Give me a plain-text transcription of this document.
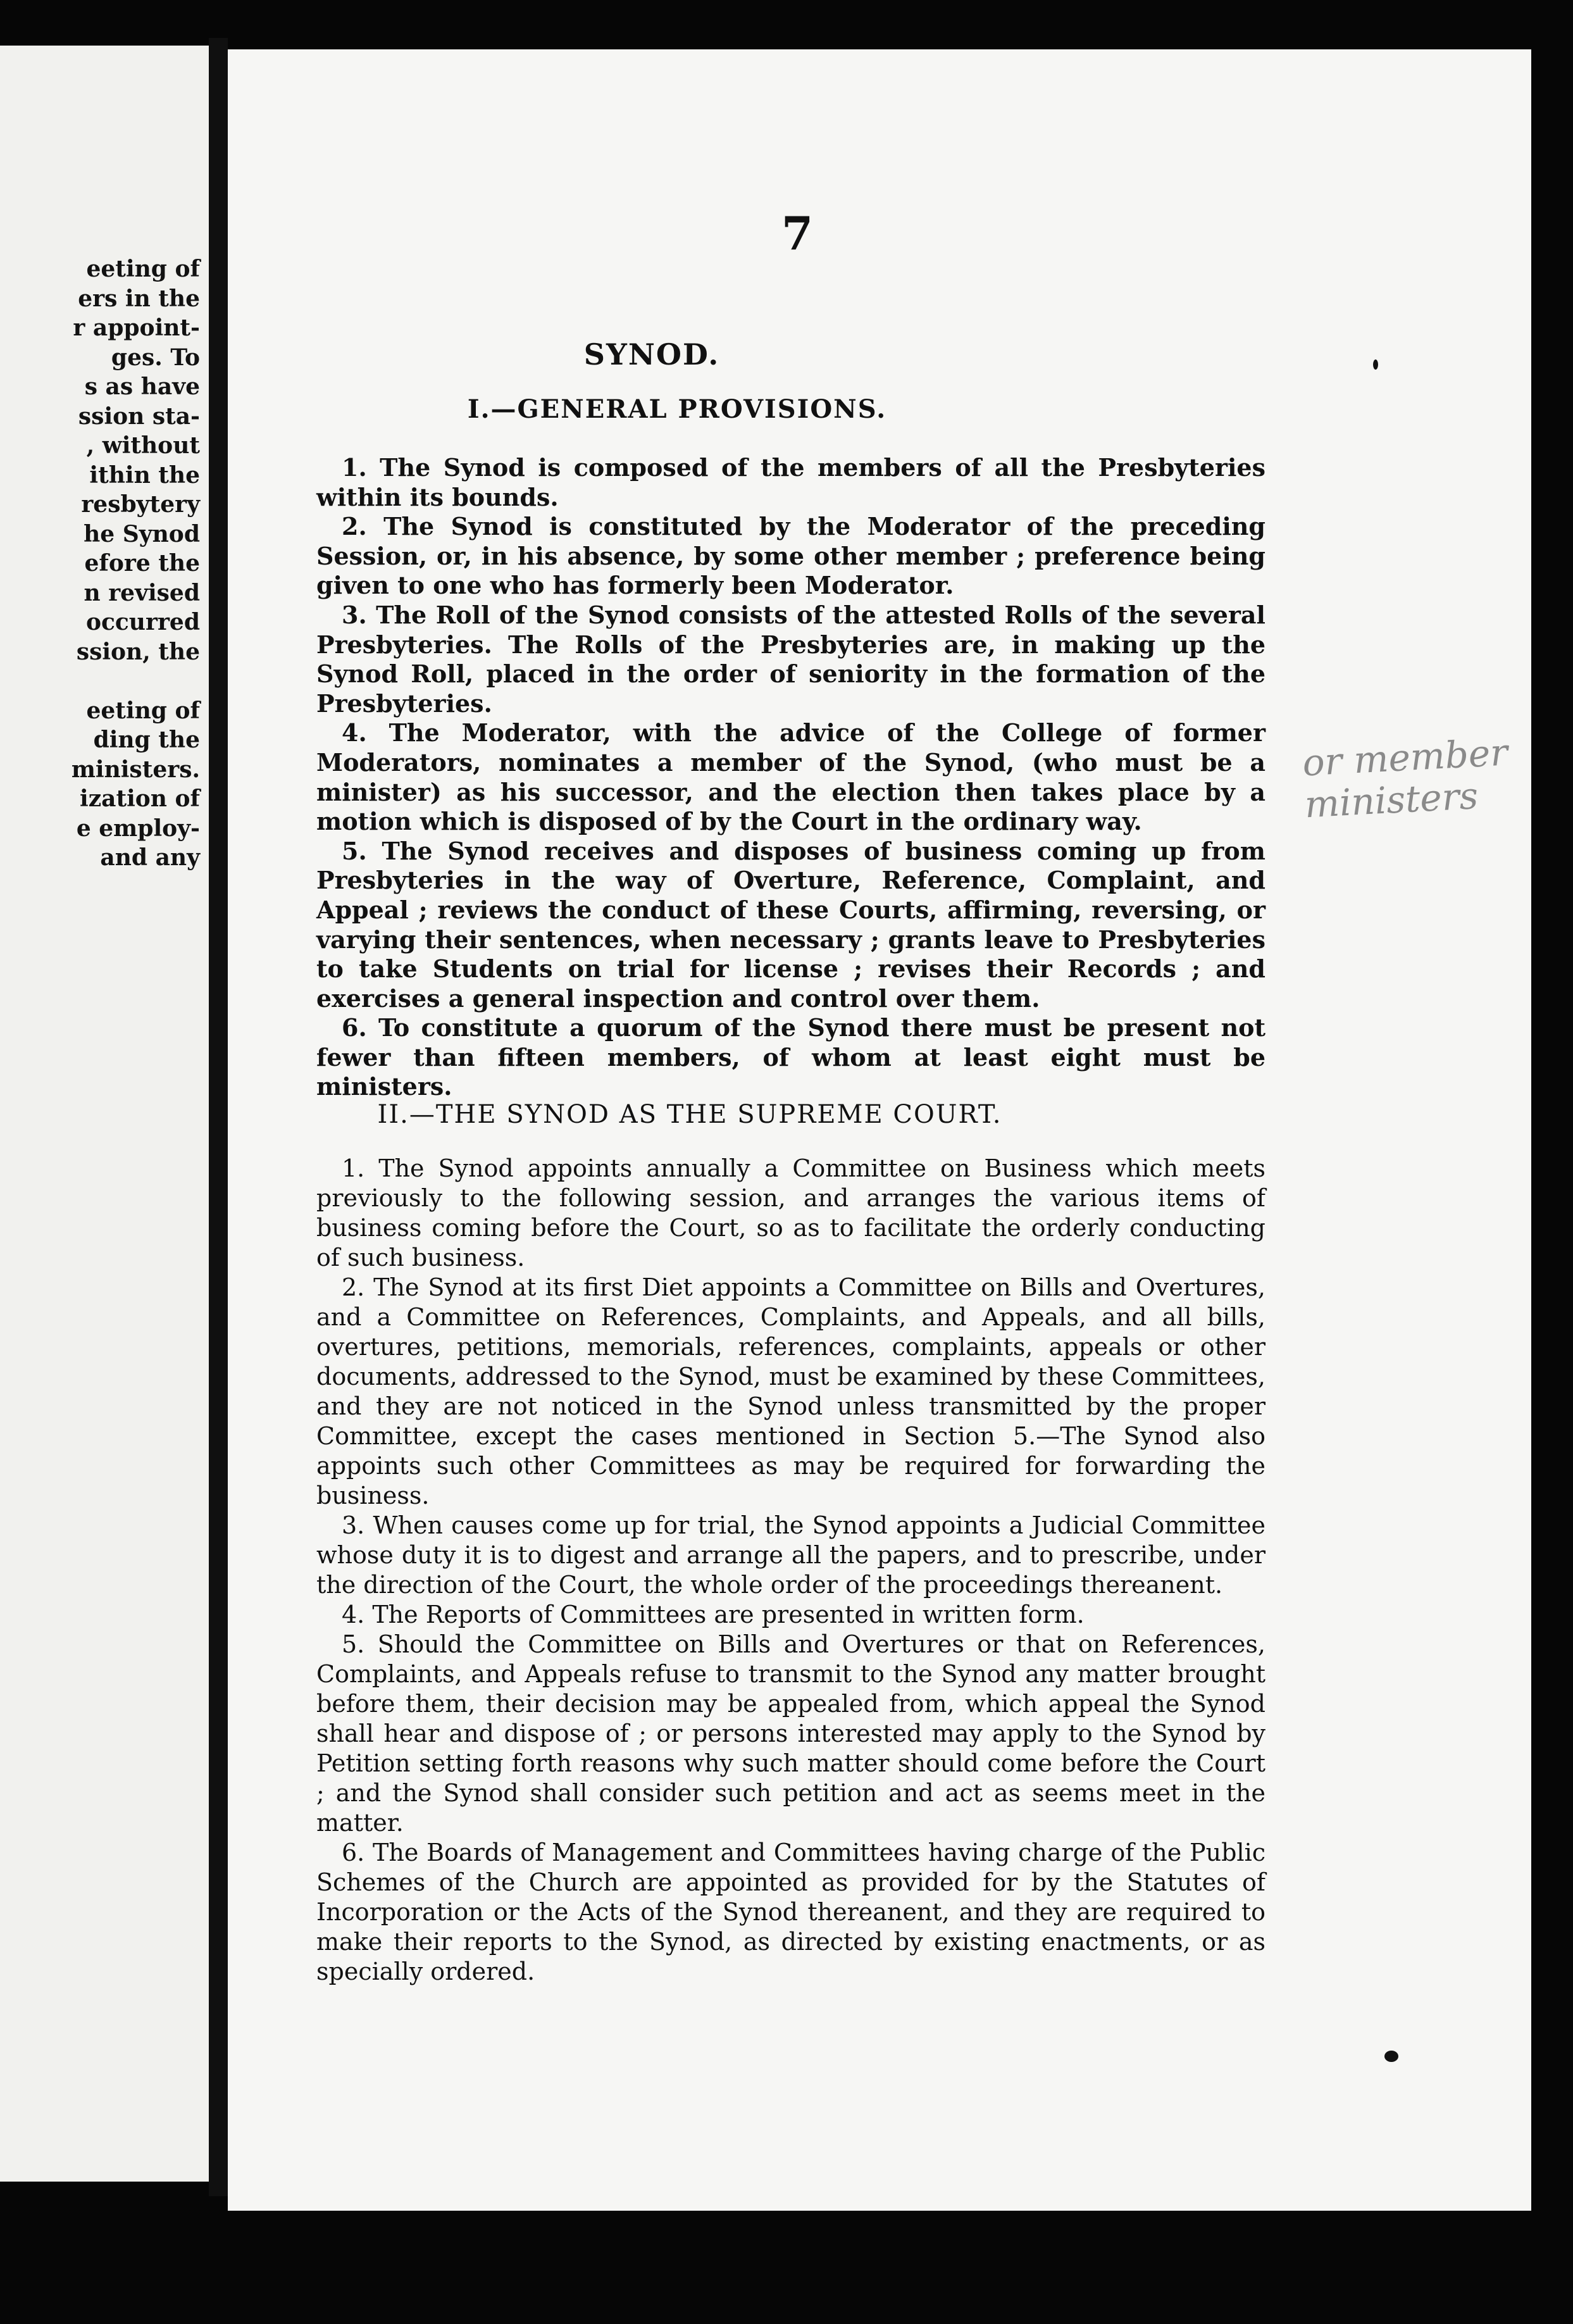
eeting of
ers in the
r appoint-
ges. To
s as have
ssion sta-
, without
ithin the
resbytery
he Synod
efore the
n revised
occurred
ssion, the
eeting of
ding the
ministers.
ization of
e employ-
and any
7
SYNOD.
I.—GENERAL PROVISIONS.

1. The Synod is composed of the members of all the Presbyteries within its bounds.

2. The Synod is constituted by the Moderator of the preceding Session, or, in his absence, by some other member ; preference being given to one who has formerly been Moderator.

3. The Roll of the Synod consists of the attested Rolls of the several Presbyteries. The Rolls of the Presbyteries are, in making up the Synod Roll, placed in the order of seniority in the formation of the Presbyteries.

4. The Moderator, with the advice of the College of former Moderators, nominates a member of the Synod, (who must be a minister) as his successor, and the election then takes place by a motion which is disposed of by the Court in the ordinary way.

5. The Synod receives and disposes of business coming up from Presbyteries in the way of Overture, Reference, Complaint, and Appeal ; reviews the conduct of these Courts, affirming, reversing, or varying their sentences, when necessary ; grants leave to Presbyteries to take Students on trial for license ; revises their Records ; and exercises a general inspection and control over them.

6. To constitute a quorum of the Synod there must be present not fewer than fifteen members, of whom at least eight must be ministers.

II.—THE SYNOD AS THE SUPREME COURT.

1. The Synod appoints annually a Committee on Business which meets previously to the following session, and arranges the various items of business coming before the Court, so as to facilitate the orderly conducting of such business.

2. The Synod at its first Diet appoints a Committee on Bills and Overtures, and a Committee on References, Complaints, and Appeals, and all bills, overtures, petitions, memorials, references, complaints, appeals or other documents, addressed to the Synod, must be examined by these Committees, and they are not noticed in the Synod unless transmitted by the proper Committee, except the cases mentioned in Section 5.—The Synod also appoints such other Committees as may be required for forwarding the business.

3. When causes come up for trial, the Synod appoints a Judicial Committee whose duty it is to digest and arrange all the papers, and to prescribe, under the direction of the Court, the whole order of the proceedings thereanent.

4. The Reports of Committees are presented in written form.

5. Should the Committee on Bills and Overtures or that on References, Complaints, and Appeals refuse to transmit to the Synod any matter brought before them, their decision may be appealed from, which appeal the Synod shall hear and dispose of ; or persons interested may apply to the Synod by Petition setting forth reasons why such matter should come before the Court ; and the Synod shall consider such petition and act as seems meet in the matter.

6. The Boards of Management and Committees having charge of the Public Schemes of the Church are appointed as provided for by the Statutes of Incorporation or the Acts of the Synod thereanent, and they are required to make their reports to the Synod, as directed by existing enactments, or as specially ordered.

or member
ministers
